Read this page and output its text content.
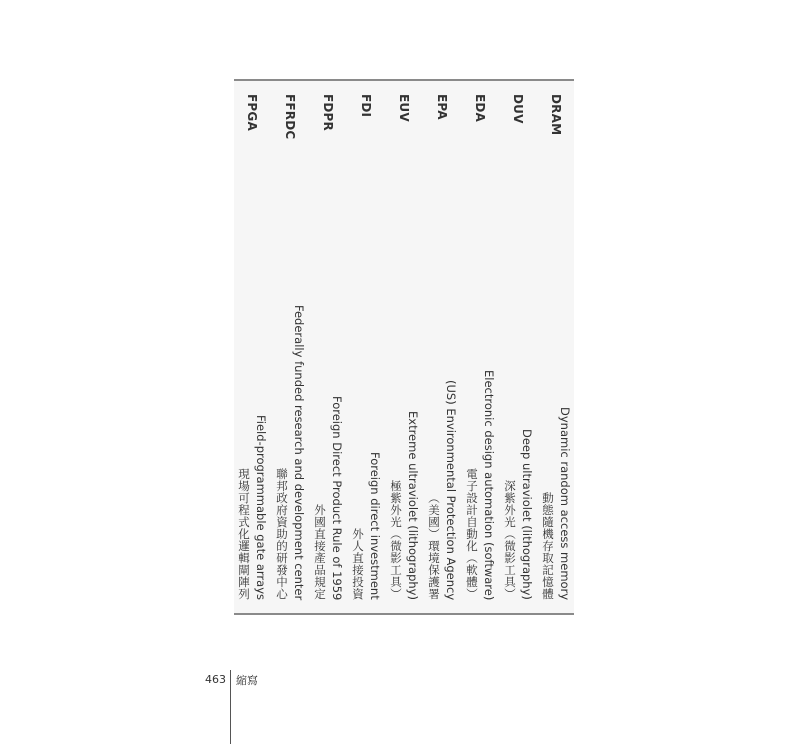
DRAM
Dynamic random access memory
動態隨機存取記憶體
DUV
Deep ultraviolet (lithography)
深紫外光（微影工具）
EDA
Electronic design automation (software)
電子設計自動化（軟體）
EPA
(US) Environmental Protection Agency
（美國）環境保護署
EUV
Extreme ultraviolet (lithography)
極紫外光（微影工具）
FDI
Foreign direct investment
外人直接投資
FDPR
Foreign Direct Product Rule of 1959
外國直接產品規定
FFRDC
Federally funded research and development center
聯邦政府資助的研發中心
FPGA
Field-programmable gate arrays
現場可程式化邏輯閘陣列
463 縮寫
